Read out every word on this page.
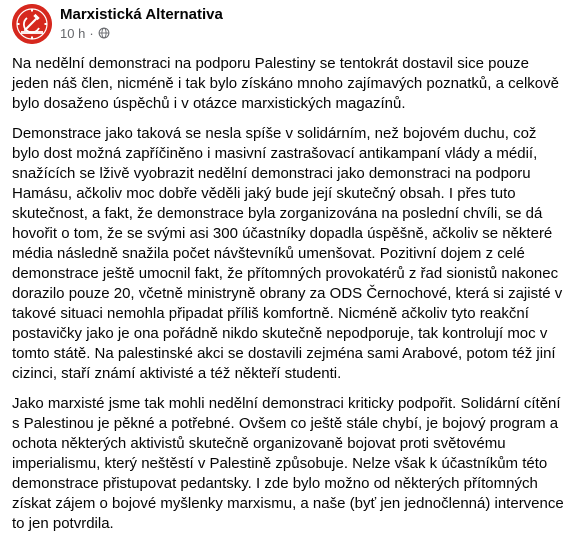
Marxistická Alternativa
10 h ·

Na nedělní demonstraci na podporu Palestiny se tentokrát dostavil sice pouze jeden náš člen, nicméně i tak bylo získáno mnoho zajímavých poznatků, a celkově bylo dosaženo úspěchů i v otázce marxistických magazínů.

Demonstrace jako taková se nesla spíše v solidárním, než bojovém duchu, což bylo dost možná zapříčiněno i masivní zastrašovací antikampaní vlády a médií, snažících se lživě vyobrazit nedělní demonstraci jako demonstraci na podporu Hamásu, ačkoliv moc dobře věděli jaký bude její skutečný obsah. I přes tuto skutečnost, a fakt, že demonstrace byla zorganizována na poslední chvíli, se dá hovořit o tom, že se svými asi 300 účastníky dopadla úspěšně, ačkoliv se některé média následně snažila počet návštevníků umenšovat. Pozitivní dojem z celé demonstrace ještě umocnil fakt, že přítomných provokatérů z řad sionistů nakonec dorazilo pouze 20, včetně ministryně obrany za ODS Černochové, která si zajisté v takové situaci nemohla připadat příliš komfortně. Nicméně ačkoliv tyto reakční postavičky jako je ona pořádně nikdo skutečně nepodporuje, tak kontrolují moc v tomto státě. Na palestinské akci se dostavili zejména sami Arabové, potom též jiní cizinci, staří známí aktivisté a též někteří studenti.

Jako marxisté jsme tak mohli nedělní demonstraci kriticky podpořit. Solidární cítění s Palestinou je pěkné a potřebné. Ovšem co ještě stále chybí, je bojový program a ochota některých aktivistů skutečně organizovaně bojovat proti světovému imperialismu, který neštěstí v Palestině způsobuje. Nelze však k účastníkům této demonstrace přistupovat pedantsky. I zde bylo možno od některých přítomných získat zájem o bojové myšlenky marxismu, a naše (byť jen jednočlenná) intervence to jen potvrdila.
